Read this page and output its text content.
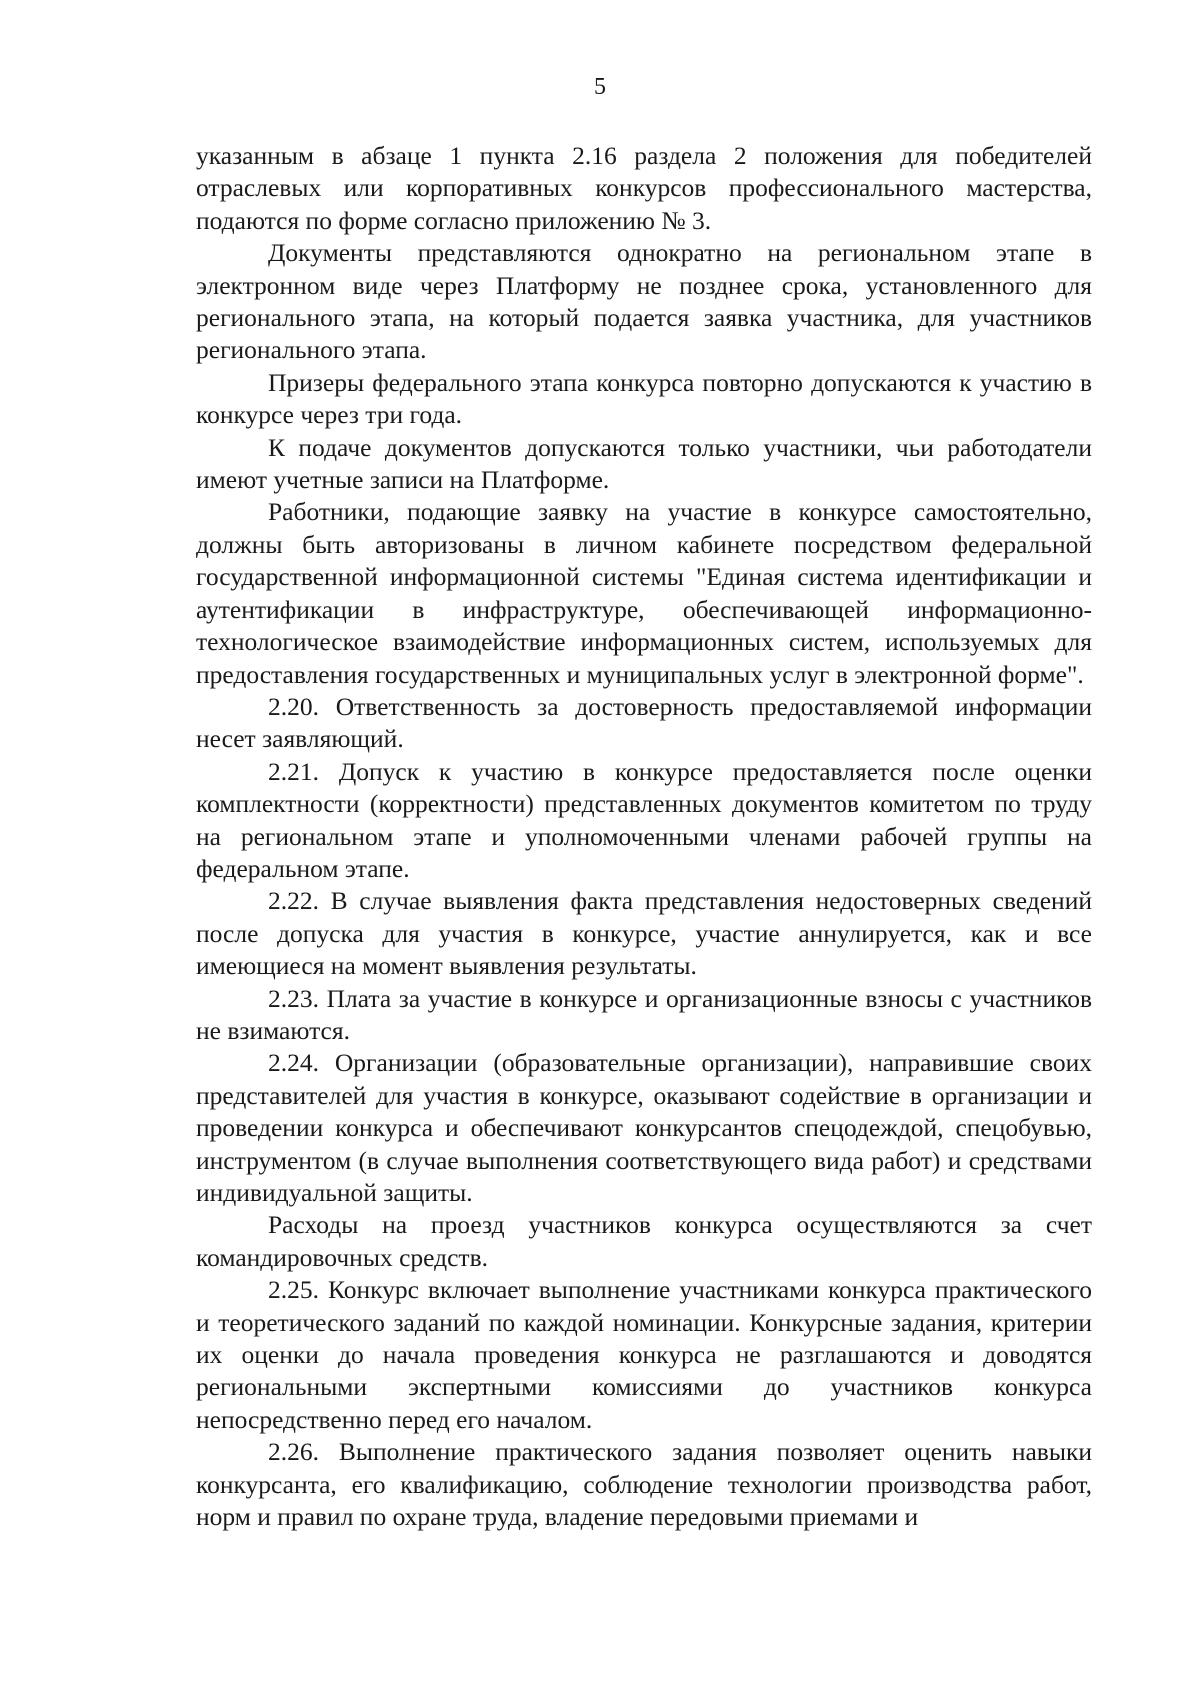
5

указанным в абзаце 1 пункта 2.16 раздела 2 положения для победителей отраслевых или корпоративных конкурсов профессионального мастерства, подаются по форме согласно приложению № 3.

Документы представляются однократно на региональном этапе в электронном виде через Платформу не позднее срока, установленного для регионального этапа, на который подается заявка участника, для участников регионального этапа.

Призеры федерального этапа конкурса повторно допускаются к участию в конкурсе через три года.

К подаче документов допускаются только участники, чьи работодатели имеют учетные записи на Платформе.

Работники, подающие заявку на участие в конкурсе самостоятельно, должны быть авторизованы в личном кабинете посредством федеральной государственной информационной системы "Единая система идентификации и аутентификации в инфраструктуре, обеспечивающей информационно-технологическое взаимодействие информационных систем, используемых для предоставления государственных и муниципальных услуг в электронной форме".

2.20. Ответственность за достоверность предоставляемой информации несет заявляющий.

2.21. Допуск к участию в конкурсе предоставляется после оценки комплектности (корректности) представленных документов комитетом по труду на региональном этапе и уполномоченными членами рабочей группы на федеральном этапе.

2.22. В случае выявления факта представления недостоверных сведений после допуска для участия в конкурсе, участие аннулируется, как и все имеющиеся на момент выявления результаты.

2.23. Плата за участие в конкурсе и организационные взносы с участников не взимаются.

2.24. Организации (образовательные организации), направившие своих представителей для участия в конкурсе, оказывают содействие в организации и проведении конкурса и обеспечивают конкурсантов спецодеждой, спецобувью, инструментом (в случае выполнения соответствующего вида работ) и средствами индивидуальной защиты.

Расходы на проезд участников конкурса осуществляются за счет командировочных средств.

2.25. Конкурс включает выполнение участниками конкурса практического и теоретического заданий по каждой номинации. Конкурсные задания, критерии их оценки до начала проведения конкурса не разглашаются и доводятся региональными экспертными комиссиями до участников конкурса непосредственно перед его началом.

2.26. Выполнение практического задания позволяет оценить навыки конкурсанта, его квалификацию, соблюдение технологии производства работ, норм и правил по охране труда, владение передовыми приемами и
